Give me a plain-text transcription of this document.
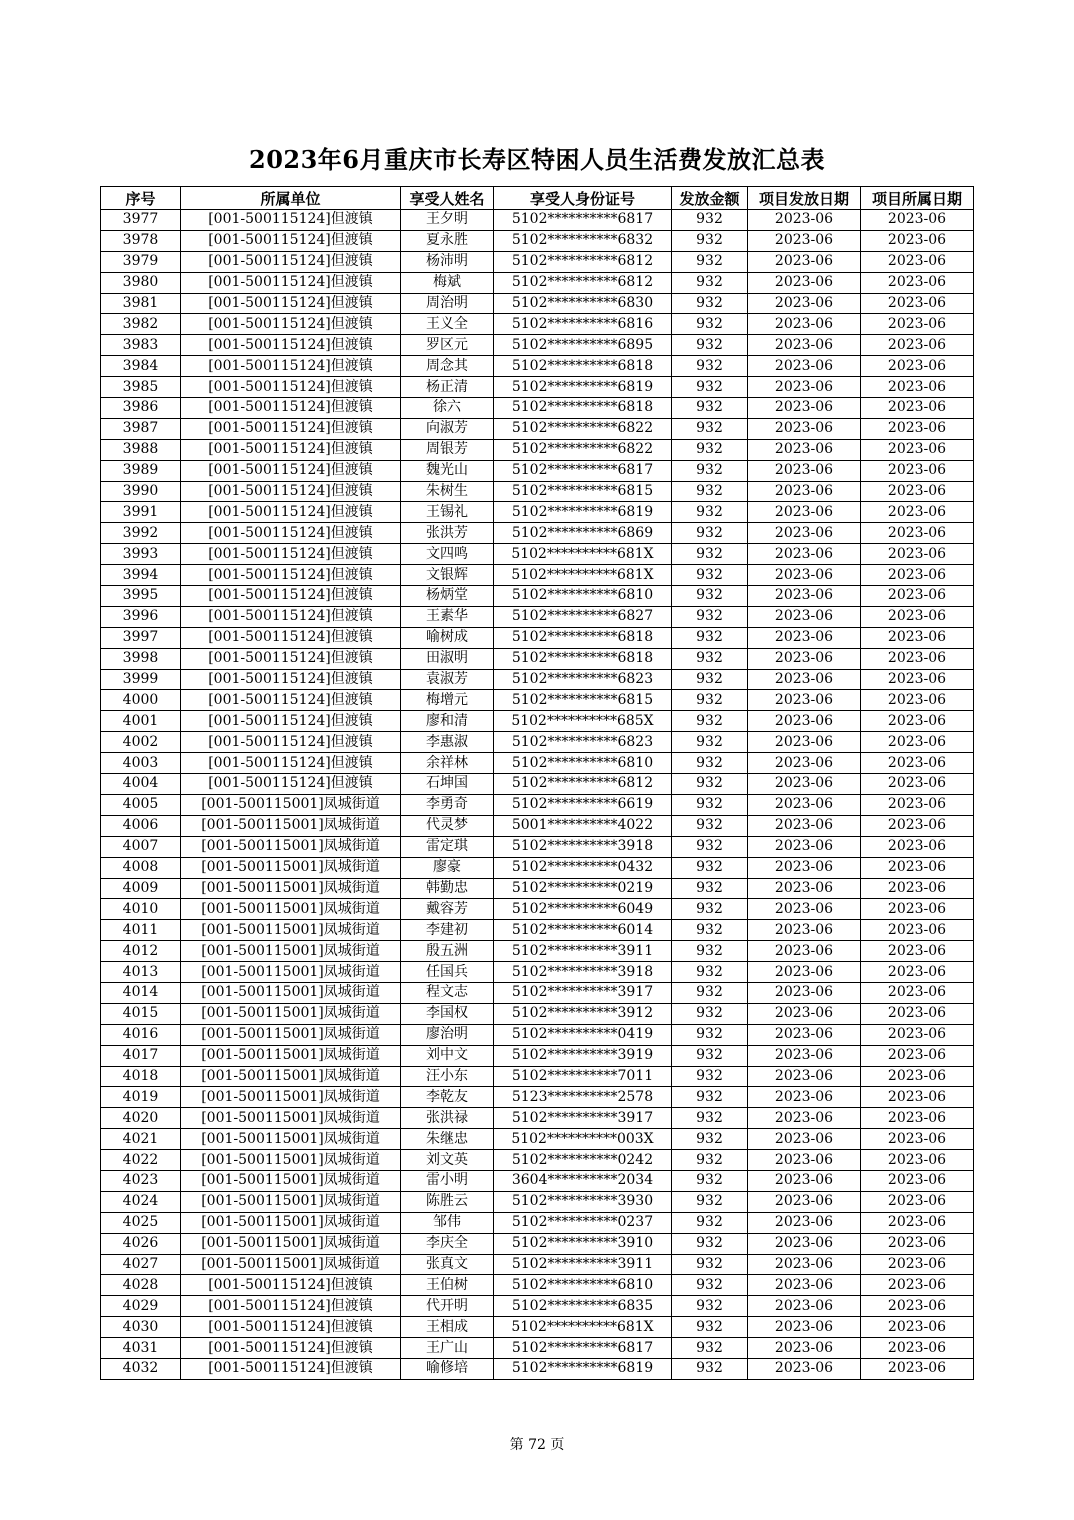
2023年6月重庆市长寿区特困人员生活费发放汇总表
序号	所属单位	享受人姓名	享受人身份证号	发放金额	项目发放日期	项目所属日期
3977	[001-500115124]但渡镇	王夕明	5102**********6817	932	2023-06	2023-06
3978	[001-500115124]但渡镇	夏永胜	5102**********6832	932	2023-06	2023-06
3979	[001-500115124]但渡镇	杨沛明	5102**********6812	932	2023-06	2023-06
3980	[001-500115124]但渡镇	梅斌	5102**********6812	932	2023-06	2023-06
3981	[001-500115124]但渡镇	周治明	5102**********6830	932	2023-06	2023-06
3982	[001-500115124]但渡镇	王义全	5102**********6816	932	2023-06	2023-06
3983	[001-500115124]但渡镇	罗区元	5102**********6895	932	2023-06	2023-06
3984	[001-500115124]但渡镇	周念其	5102**********6818	932	2023-06	2023-06
3985	[001-500115124]但渡镇	杨正清	5102**********6819	932	2023-06	2023-06
3986	[001-500115124]但渡镇	徐六	5102**********6818	932	2023-06	2023-06
3987	[001-500115124]但渡镇	向淑芳	5102**********6822	932	2023-06	2023-06
3988	[001-500115124]但渡镇	周银芳	5102**********6822	932	2023-06	2023-06
3989	[001-500115124]但渡镇	魏光山	5102**********6817	932	2023-06	2023-06
3990	[001-500115124]但渡镇	朱树生	5102**********6815	932	2023-06	2023-06
3991	[001-500115124]但渡镇	王锡礼	5102**********6819	932	2023-06	2023-06
3992	[001-500115124]但渡镇	张洪芳	5102**********6869	932	2023-06	2023-06
3993	[001-500115124]但渡镇	文四鸣	5102**********681X	932	2023-06	2023-06
3994	[001-500115124]但渡镇	文银辉	5102**********681X	932	2023-06	2023-06
3995	[001-500115124]但渡镇	杨炳堂	5102**********6810	932	2023-06	2023-06
3996	[001-500115124]但渡镇	王素华	5102**********6827	932	2023-06	2023-06
3997	[001-500115124]但渡镇	喻树成	5102**********6818	932	2023-06	2023-06
3998	[001-500115124]但渡镇	田淑明	5102**********6818	932	2023-06	2023-06
3999	[001-500115124]但渡镇	袁淑芳	5102**********6823	932	2023-06	2023-06
4000	[001-500115124]但渡镇	梅增元	5102**********6815	932	2023-06	2023-06
4001	[001-500115124]但渡镇	廖和清	5102**********685X	932	2023-06	2023-06
4002	[001-500115124]但渡镇	李惠淑	5102**********6823	932	2023-06	2023-06
4003	[001-500115124]但渡镇	余祥林	5102**********6810	932	2023-06	2023-06
4004	[001-500115124]但渡镇	石坤国	5102**********6812	932	2023-06	2023-06
4005	[001-500115001]凤城街道	李勇奇	5102**********6619	932	2023-06	2023-06
4006	[001-500115001]凤城街道	代灵梦	5001**********4022	932	2023-06	2023-06
4007	[001-500115001]凤城街道	雷定琪	5102**********3918	932	2023-06	2023-06
4008	[001-500115001]凤城街道	廖豪	5102**********0432	932	2023-06	2023-06
4009	[001-500115001]凤城街道	韩勤忠	5102**********0219	932	2023-06	2023-06
4010	[001-500115001]凤城街道	戴容芳	5102**********6049	932	2023-06	2023-06
4011	[001-500115001]凤城街道	李建初	5102**********6014	932	2023-06	2023-06
4012	[001-500115001]凤城街道	殷五洲	5102**********3911	932	2023-06	2023-06
4013	[001-500115001]凤城街道	任国兵	5102**********3918	932	2023-06	2023-06
4014	[001-500115001]凤城街道	程文志	5102**********3917	932	2023-06	2023-06
4015	[001-500115001]凤城街道	李国权	5102**********3912	932	2023-06	2023-06
4016	[001-500115001]凤城街道	廖治明	5102**********0419	932	2023-06	2023-06
4017	[001-500115001]凤城街道	刘中文	5102**********3919	932	2023-06	2023-06
4018	[001-500115001]凤城街道	汪小东	5102**********7011	932	2023-06	2023-06
4019	[001-500115001]凤城街道	李乾友	5123**********2578	932	2023-06	2023-06
4020	[001-500115001]凤城街道	张洪禄	5102**********3917	932	2023-06	2023-06
4021	[001-500115001]凤城街道	朱继忠	5102**********003X	932	2023-06	2023-06
4022	[001-500115001]凤城街道	刘文英	5102**********0242	932	2023-06	2023-06
4023	[001-500115001]凤城街道	雷小明	3604**********2034	932	2023-06	2023-06
4024	[001-500115001]凤城街道	陈胜云	5102**********3930	932	2023-06	2023-06
4025	[001-500115001]凤城街道	邹伟	5102**********0237	932	2023-06	2023-06
4026	[001-500115001]凤城街道	李庆全	5102**********3910	932	2023-06	2023-06
4027	[001-500115001]凤城街道	张真文	5102**********3911	932	2023-06	2023-06
4028	[001-500115124]但渡镇	王伯树	5102**********6810	932	2023-06	2023-06
4029	[001-500115124]但渡镇	代开明	5102**********6835	932	2023-06	2023-06
4030	[001-500115124]但渡镇	王相成	5102**********681X	932	2023-06	2023-06
4031	[001-500115124]但渡镇	王广山	5102**********6817	932	2023-06	2023-06
4032	[001-500115124]但渡镇	喻修培	5102**********6819	932	2023-06	2023-06
第 72 页
